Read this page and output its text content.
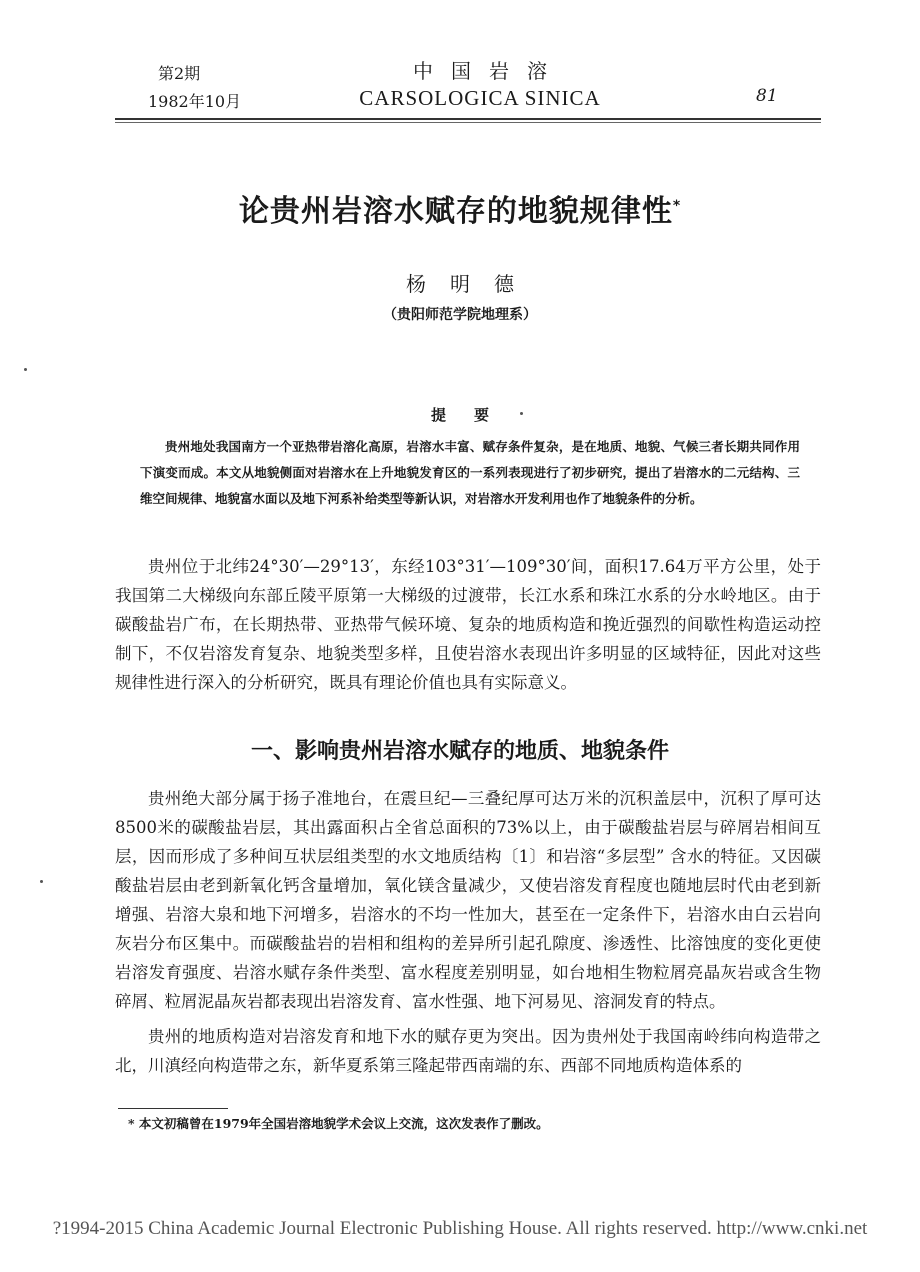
第2期
1982年10月
中国岩溶
CARSOLOGICA SINICA	81
论贵州岩溶水赋存的地貌规律性*
杨明德
（贵阳师范学院地理系）
提要
贵州地处我国南方一个亚热带岩溶化高原，岩溶水丰富、赋存条件复杂，是在地质、地貌、气候三者长期共同作用下演变而成。本文从地貌侧面对岩溶水在上升地貌发育区的一系列表现进行了初步研究，提出了岩溶水的二元结构、三维空间规律、地貌富水面以及地下河系补给类型等新认识，对岩溶水开发利用也作了地貌条件的分析。

贵州位于北纬24°30′—29°13′，东经103°31′—109°30′间，面积17.64万平方公里，处于我国第二大梯级向东部丘陵平原第一大梯级的过渡带，长江水系和珠江水系的分水岭地区。由于碳酸盐岩广布，在长期热带、亚热带气候环境、复杂的地质构造和挽近强烈的间歇性构造运动控制下，不仅岩溶发育复杂、地貌类型多样，且使岩溶水表现出许多明显的区域特征，因此对这些规律性进行深入的分析研究，既具有理论价值也具有实际意义。

一、影响贵州岩溶水赋存的地质、地貌条件

贵州绝大部分属于扬子准地台，在震旦纪—三叠纪厚可达万米的沉积盖层中，沉积了厚可达8500米的碳酸盐岩层，其出露面积占全省总面积的73%以上，由于碳酸盐岩层与碎屑岩相间互层，因而形成了多种间互状层组类型的水文地质结构〔1〕和岩溶“多层型” 含水的特征。又因碳酸盐岩层由老到新氧化钙含量增加，氧化镁含量减少，又使岩溶发育程度也随地层时代由老到新增强、岩溶大泉和地下河增多，岩溶水的不均一性加大，甚至在一定条件下，岩溶水由白云岩向灰岩分布区集中。而碳酸盐岩的岩相和组构的差异所引起孔隙度、渗透性、比溶蚀度的变化更使岩溶发育强度、岩溶水赋存条件类型、富水程度差别明显，如台地相生物粒屑亮晶灰岩或含生物碎屑、粒屑泥晶灰岩都表现出岩溶发育、富水性强、地下河易见、溶洞发育的特点。

贵州的地质构造对岩溶发育和地下水的赋存更为突出。因为贵州处于我国南岭纬向构造带之北，川滇经向构造带之东，新华夏系第三隆起带西南端的东、西部不同地质构造体系的

* 本文初稿曾在1979年全国岩溶地貌学术会议上交流，这次发表作了删改。
?1994-2015 China Academic Journal Electronic Publishing House. All rights reserved. http://www.cnki.net
